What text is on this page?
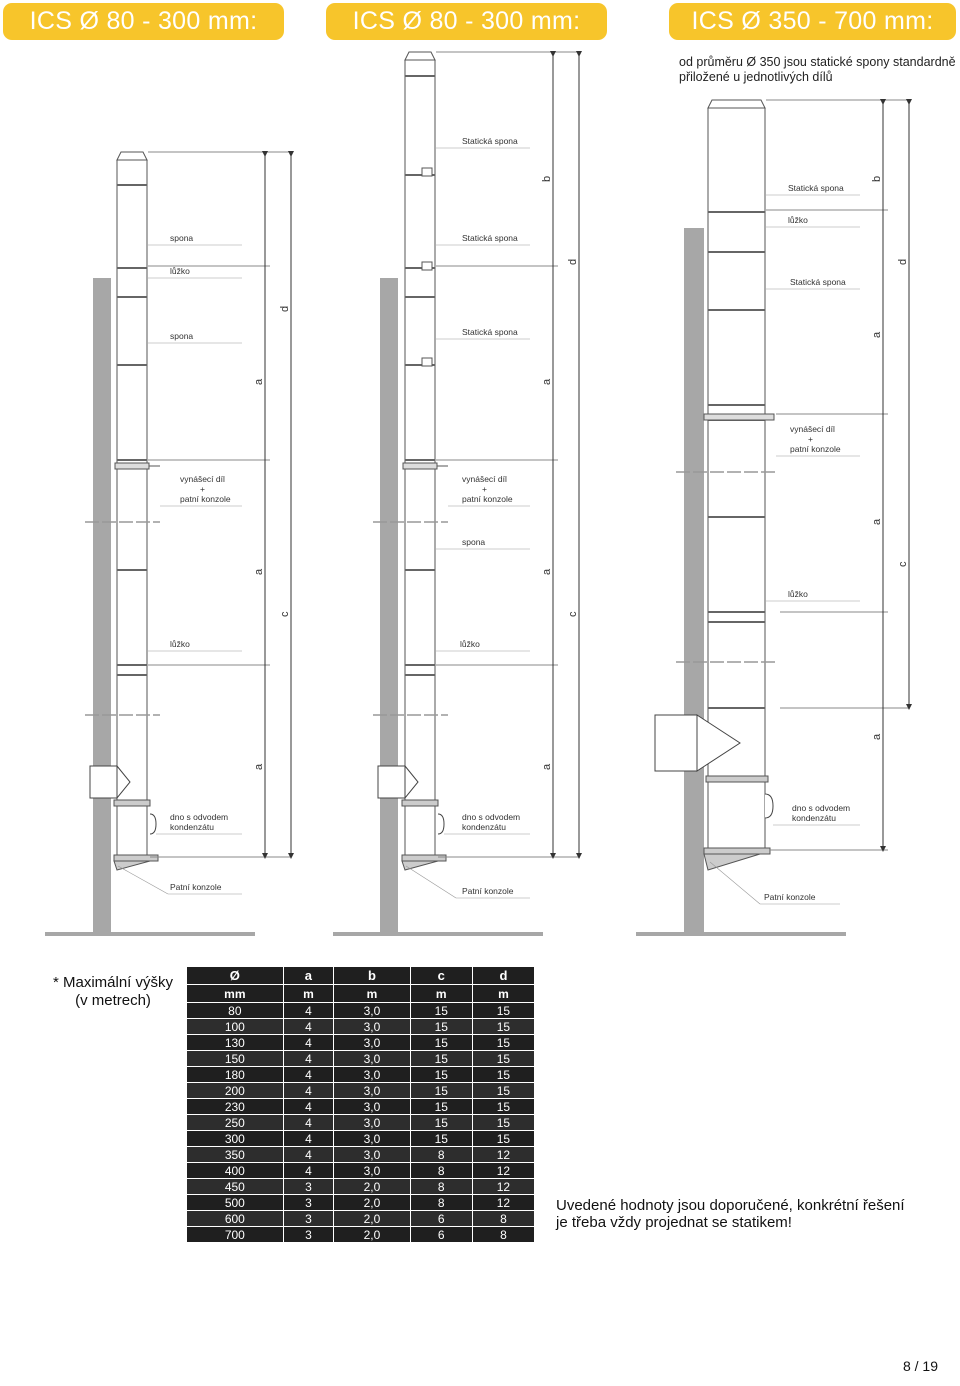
ICS Ø 80 - 300 mm:	ICS Ø 80 - 300 mm:	ICS Ø 350 - 700 mm:
od průměru Ø 350 jsou statické spony standardně
přiložené u jednotlivých dílů
a
d
a
c
a
spona
lůžko
spona
vynášecí díl
+
patní konzole
lůžko
dno s odvodem
kondenzátu
Patní konzole
b
d
a
a
c
a
Statická spona
Statická spona
Statická spona
vynášecí díl
+
patní konzole
spona
lůžko
dno s odvodem
kondenzátu
Patní konzole
b
d
a
a
c
a
Statická spona
lůžko
Statická spona
vynášecí díl
+
patní konzole
lůžko
dno s odvodem
kondenzátu
Patní konzole
* Maximální výšky (v metrech)
Ø	a	b	c	d
mm	m	m	m	m
80	4	3,0	15	15
100	4	3,0	15	15
130	4	3,0	15	15
150	4	3,0	15	15
180	4	3,0	15	15
200	4	3,0	15	15
230	4	3,0	15	15
250	4	3,0	15	15
300	4	3,0	15	15
350	4	3,0	8	12
400	4	3,0	8	12
450	3	2,0	8	12
500	3	2,0	8	12
600	3	2,0	6	8
700	3	2,0	6	8
Uvedené hodnoty jsou doporučené, konkrétní řešení
je třeba vždy projednat se statikem!
8 / 19
